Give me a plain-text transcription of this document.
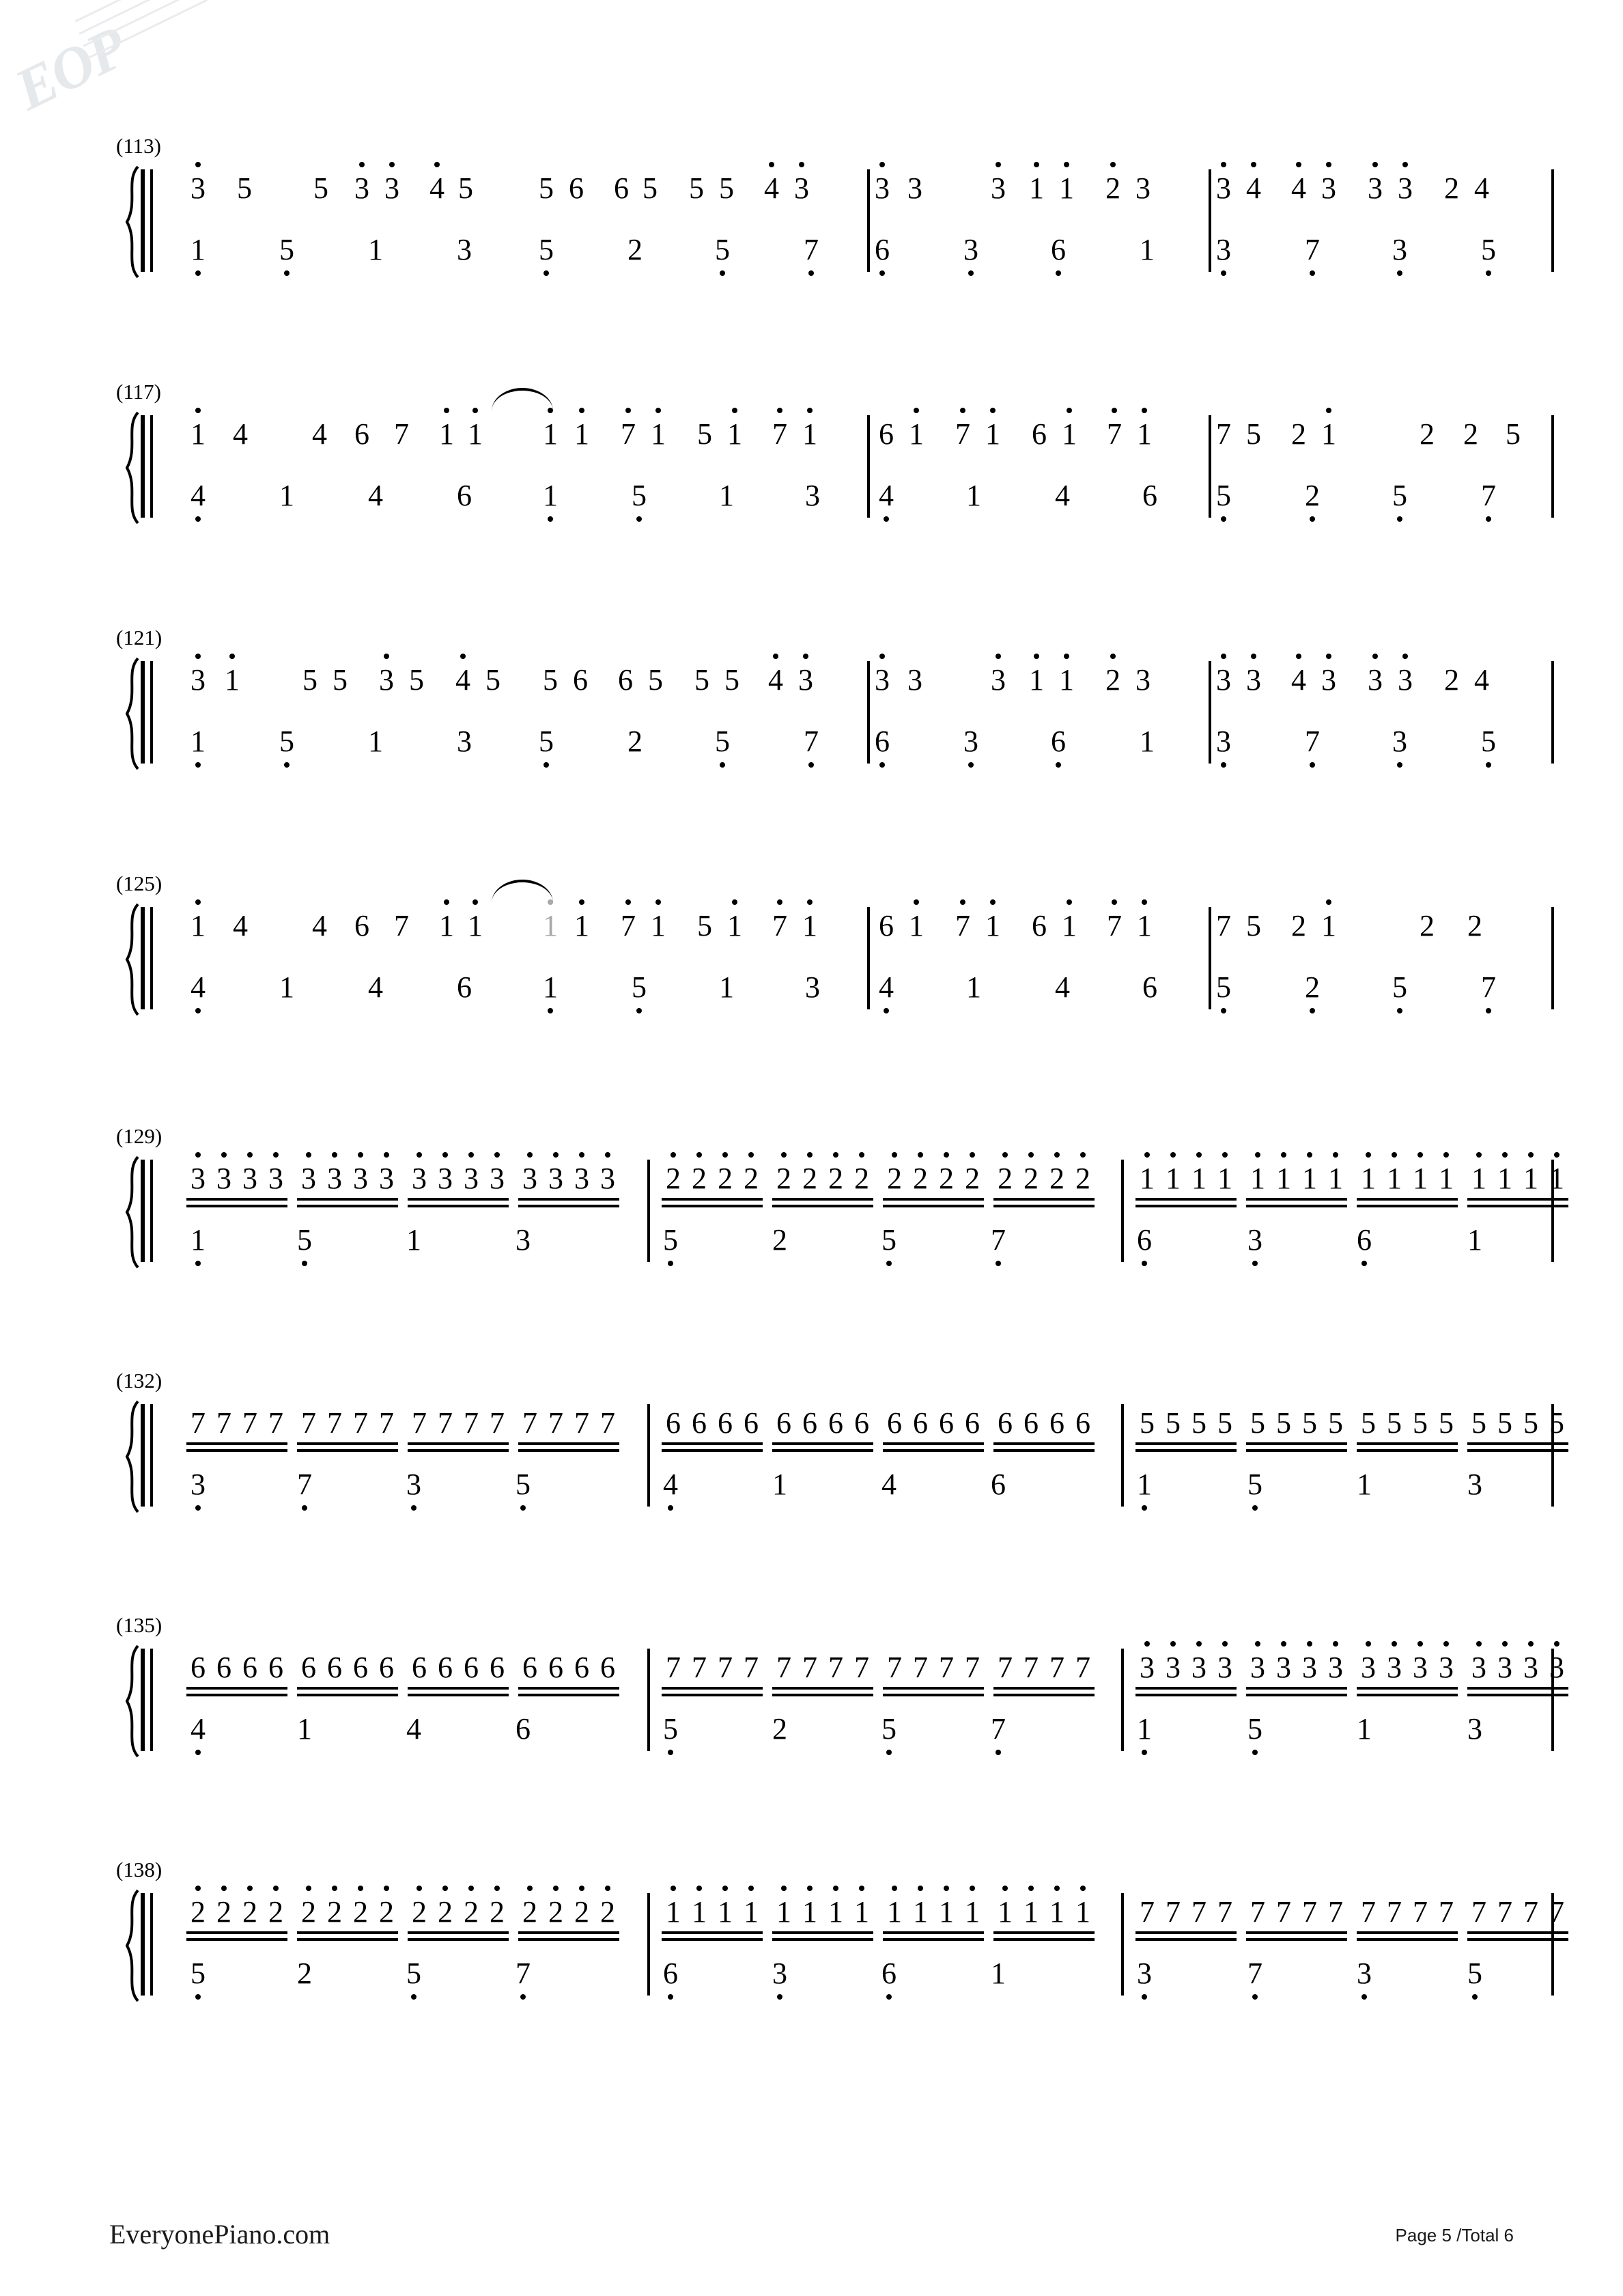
EOP
(113)
3 5 5 3 3 4 5 5 6 6 5 5 5 4 3 3 3 3 1 1 2 3 3 4 4 3 3 3 2 4
1 5 1 3 5 2 5 7 6 3 6 1 3 7 3 5
(117)
1 4 4 6 7 1 1 1 1 7 1 5 1 7 1 6 1 7 1 6 1 7 1 7 5 2 1	2 2 5
4 1 4 6 1 5 1 3 4 1 4 6 5 2 5 7
(121)
3 1 5 5 3 5 4 5 5 6 6 5 5 5 4 3 3 3 3 1 1 2 3 3 3 4 3 3 3 2 4
1 5 1 3 5 2 5 7 6 3 6 1 3 7 3 5
(125)
1 4 4 6 7 1 1 1 1 7 1 5 1 7 1 6 1 7 1 6 1 7 1 7 5 2 1	2 2
4 1 4 6 1 5 1 3 4 1 4 6 5 2 5 7
(129)
3 3 3 3 3 3 3 3 3 3 3 3 3 3 3 3 2 2 2 2 2 2 2 2 2 2 2 2 2 2 2 2 1 1 1 1 1 1 1 1 1 1 1 1 1 1 1 1
1	5	1	3	5	2	5	7	6	3	6	1
(132)
7 7 7 7 7 7 7 7 7 7 7 7 7 7 7 7 6 6 6 6 6 6 6 6 6 6 6 6 6 6 6 6 5 5 5 5 5 5 5 5 5 5 5 5 5 5 5 5
3	7	3	5	4	1	4	6	1	5	1	3
(135)
6 6 6 6 6 6 6 6 6 6 6 6 6 6 6 6 7 7 7 7 7 7 7 7 7 7 7 7 7 7 7 7 3 3 3 3 3 3 3 3 3 3 3 3 3 3 3 3
4	1	4	6	5	2	5	7	1	5	1	3
(138)
2 2 2 2 2 2 2 2 2 2 2 2 2 2 2 2 1 1 1 1 1 1 1 1 1 1 1 1 1 1 1 1 7 7 7 7 7 7 7 7 7 7 7 7 7 7 7 7
5	2	5	7	6	3	6	1	3	7	3	5
EveryonePiano.com	Page 5 /Total 6
